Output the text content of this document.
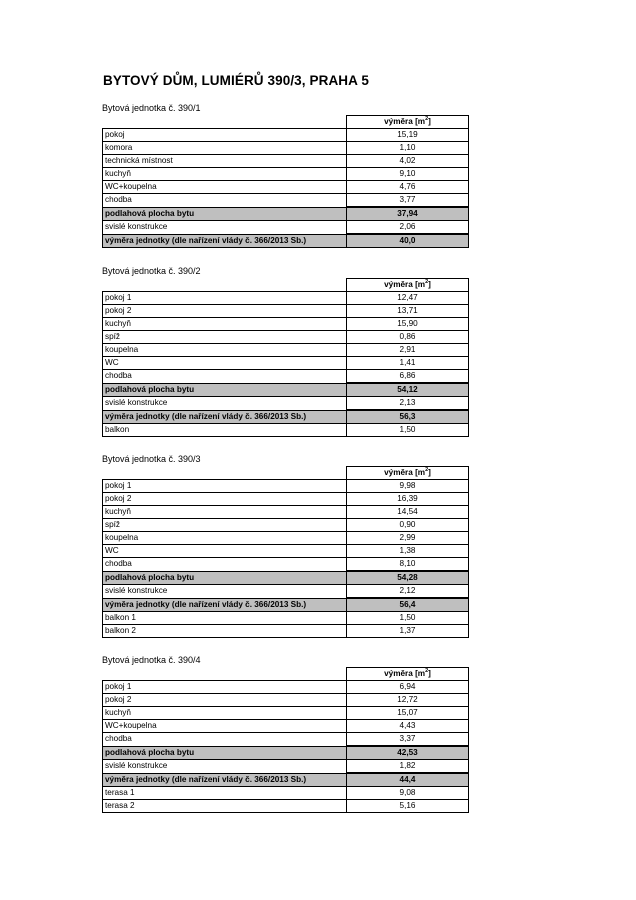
BYTOVÝ DŮM, LUMIÉRŮ 390/3, PRAHA 5
Bytová jednotka č. 390/1
	výměra $[m^2]$
pokoj	15,19
komora	1,10
technická místnost	4,02
kuchyň	9,10
WC+koupelna	4,76
chodba	3,77
podlahová plocha bytu	37,94
svislé konstrukce	2,06
výměra jednotky (dle nařízení vlády č. 366/2013 Sb.)	40,0
Bytová jednotka č. 390/2
	výměra $[m^2]$
pokoj 1	12,47
pokoj 2	13,71
kuchyň	15,90
spíž	0,86
koupelna	2,91
WC	1,41
chodba	6,86
podlahová plocha bytu	54,12
svislé konstrukce	2,13
výměra jednotky (dle nařízení vlády č. 366/2013 Sb.)	56,3
balkon	1,50
Bytová jednotka č. 390/3
	výměra $[m^2]$
pokoj 1	9,98
pokoj 2	16,39
kuchyň	14,54
spíž	0,90
koupelna	2,99
WC	1,38
chodba	8,10
podlahová plocha bytu	54,28
svislé konstrukce	2,12
výměra jednotky (dle nařízení vlády č. 366/2013 Sb.)	56,4
balkon 1	1,50
balkon 2	1,37
Bytová jednotka č. 390/4
	výměra $[m^2]$
pokoj 1	6,94
pokoj 2	12,72
kuchyň	15,07
WC+koupelna	4,43
chodba	3,37
podlahová plocha bytu	42,53
svislé konstrukce	1,82
výměra jednotky (dle nařízení vlády č. 366/2013 Sb.)	44,4
terasa 1	9,08
terasa 2	5,16
